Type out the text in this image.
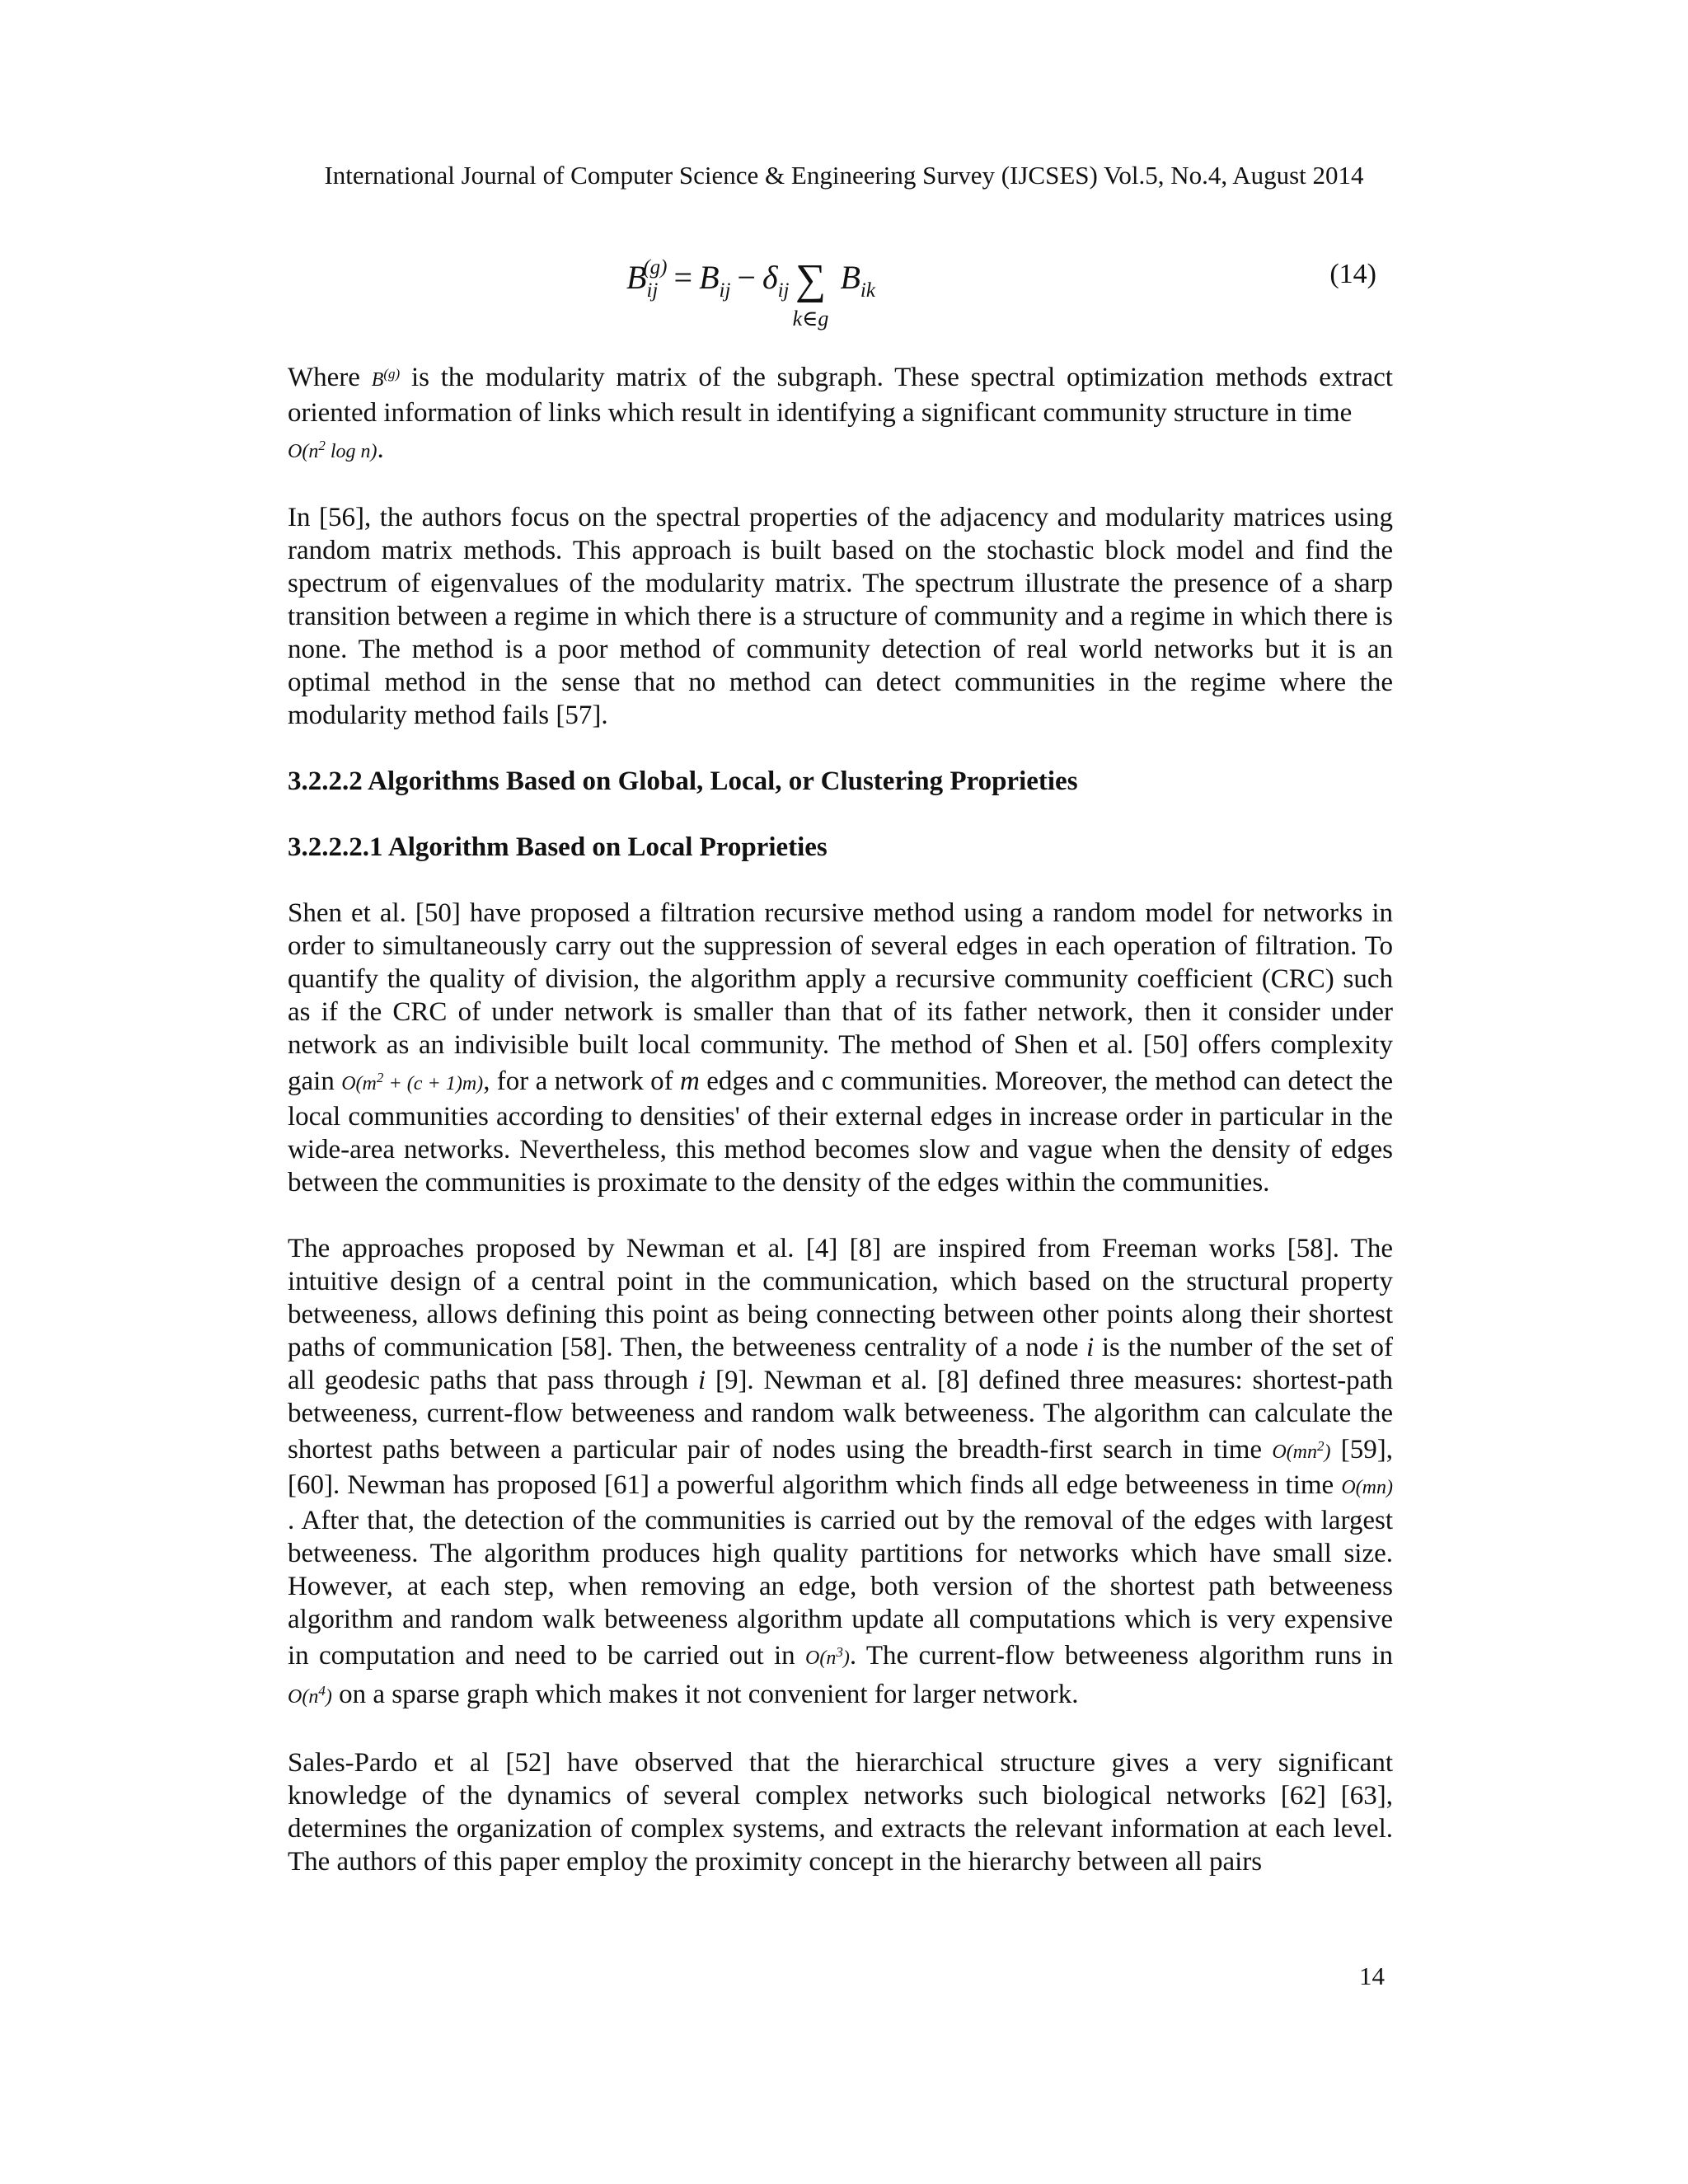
International Journal of Computer Science & Engineering Survey (IJCSES) Vol.5, No.4, August 2014
$B_{ij}^{(g)} = B_{ij} - \delta_{ij}$ ∑
k∈g
$B_{ik}$
(14)

Where $B^{(g)}$ is the modularity matrix of the subgraph. These spectral optimization methods extract oriented information of links which result in identifying a significant community structure in time
$O(n^2$ log n).

In [56], the authors focus on the spectral properties of the adjacency and modularity matrices using random matrix methods. This approach is built based on the stochastic block model and find the spectrum of eigenvalues of the modularity matrix. The spectrum illustrate the presence of a sharp transition between a regime in which there is a structure of community and a regime in which there is none. The method is a poor method of community detection of real world networks but it is an optimal method in the sense that no method can detect communities in the regime where the modularity method fails [57].

3.2.2.2 Algorithms Based on Global, Local, or Clustering Proprieties
3.2.2.2.1 Algorithm Based on Local Proprieties

Shen et al. [50] have proposed a filtration recursive method using a random model for networks in order to simultaneously carry out the suppression of several edges in each operation of filtration. To quantify the quality of division, the algorithm apply a recursive community coefficient (CRC) such as if the CRC of under network is smaller than that of its father network, then it consider under network as an indivisible built local community. The method of Shen et al. [50] offers complexity gain $O(m^2 + (c + 1)m)$, for a network of m edges and c communities. Moreover, the method can detect the local communities according to densities' of their external edges in increase order in particular in the wide-area networks. Nevertheless, this method becomes slow and vague when the density of edges between the communities is proximate to the density of the edges within the communities.

The approaches proposed by Newman et al. [4] [8] are inspired from Freeman works [58]. The intuitive design of a central point in the communication, which based on the structural property betweeness, allows defining this point as being connecting between other points along their shortest paths of communication [58]. Then, the betweeness centrality of a node i is the number of the set of all geodesic paths that pass through i [9]. Newman et al. [8] defined three measures: shortest-path betweeness, current-flow betweeness and random walk betweeness. The algorithm can calculate the shortest paths between a particular pair of nodes using the breadth-first search in time $O(mn^2)$ [59], [60]. Newman has proposed [61] a powerful algorithm which finds all edge betweeness in time O(mn) . After that, the detection of the communities is carried out by the removal of the edges with largest betweeness. The algorithm produces high quality partitions for networks which have small size. However, at each step, when removing an edge, both version of the shortest path betweeness algorithm and random walk betweeness algorithm update all computations which is very expensive in computation and need to be carried out in $O(n^3)$. The current-flow betweeness algorithm runs in $O(n^4)$ on a sparse graph which makes it not convenient for larger network.

Sales-Pardo et al [52] have observed that the hierarchical structure gives a very significant knowledge of the dynamics of several complex networks such biological networks [62] [63], determines the organization of complex systems, and extracts the relevant information at each level. The authors of this paper employ the proximity concept in the hierarchy between all pairs

14
